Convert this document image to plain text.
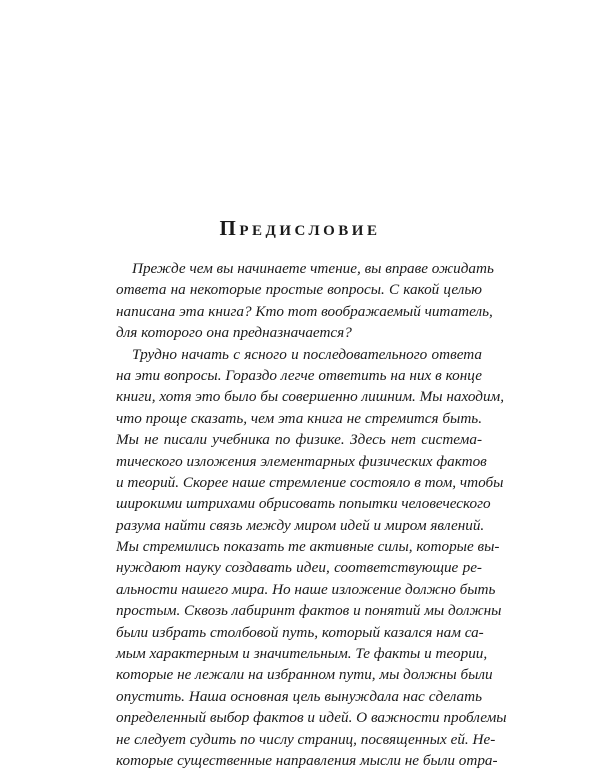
Предисловие
Прежде чем вы начинаете чтение, вы вправе ожидать
ответа на некоторые простые вопросы. С какой целью
написана эта книга? Кто тот воображаемый читатель,
для которого она предназначается?
Трудно начать с ясного и последовательного ответа
на эти вопросы. Гораздо легче ответить на них в конце
книги, хотя это было бы совершенно лишним. Мы находим,
что проще сказать, чем эта книга не стремится быть.
Мы не писали учебника по физике. Здесь нет система-
тического изложения элементарных физических фактов
и теорий. Скорее наше стремление состояло в том, чтобы
широкими штрихами обрисовать попытки человеческого
разума найти связь между миром идей и миром явлений.
Мы стремились показать те активные силы, которые вы-
нуждают науку создавать идеи, соответствующие ре-
альности нашего мира. Но наше изложение должно быть
простым. Сквозь лабиринт фактов и понятий мы должны
были избрать столбовой путь, который казался нам са-
мым характерным и значительным. Те факты и теории,
которые не лежали на избранном пути, мы должны были
опустить. Наша основная цель вынуждала нас сделать
определенный выбор фактов и идей. О важности проблемы
не следует судить по числу страниц, посвященных ей. Не-
которые существенные направления мысли не были отра-
